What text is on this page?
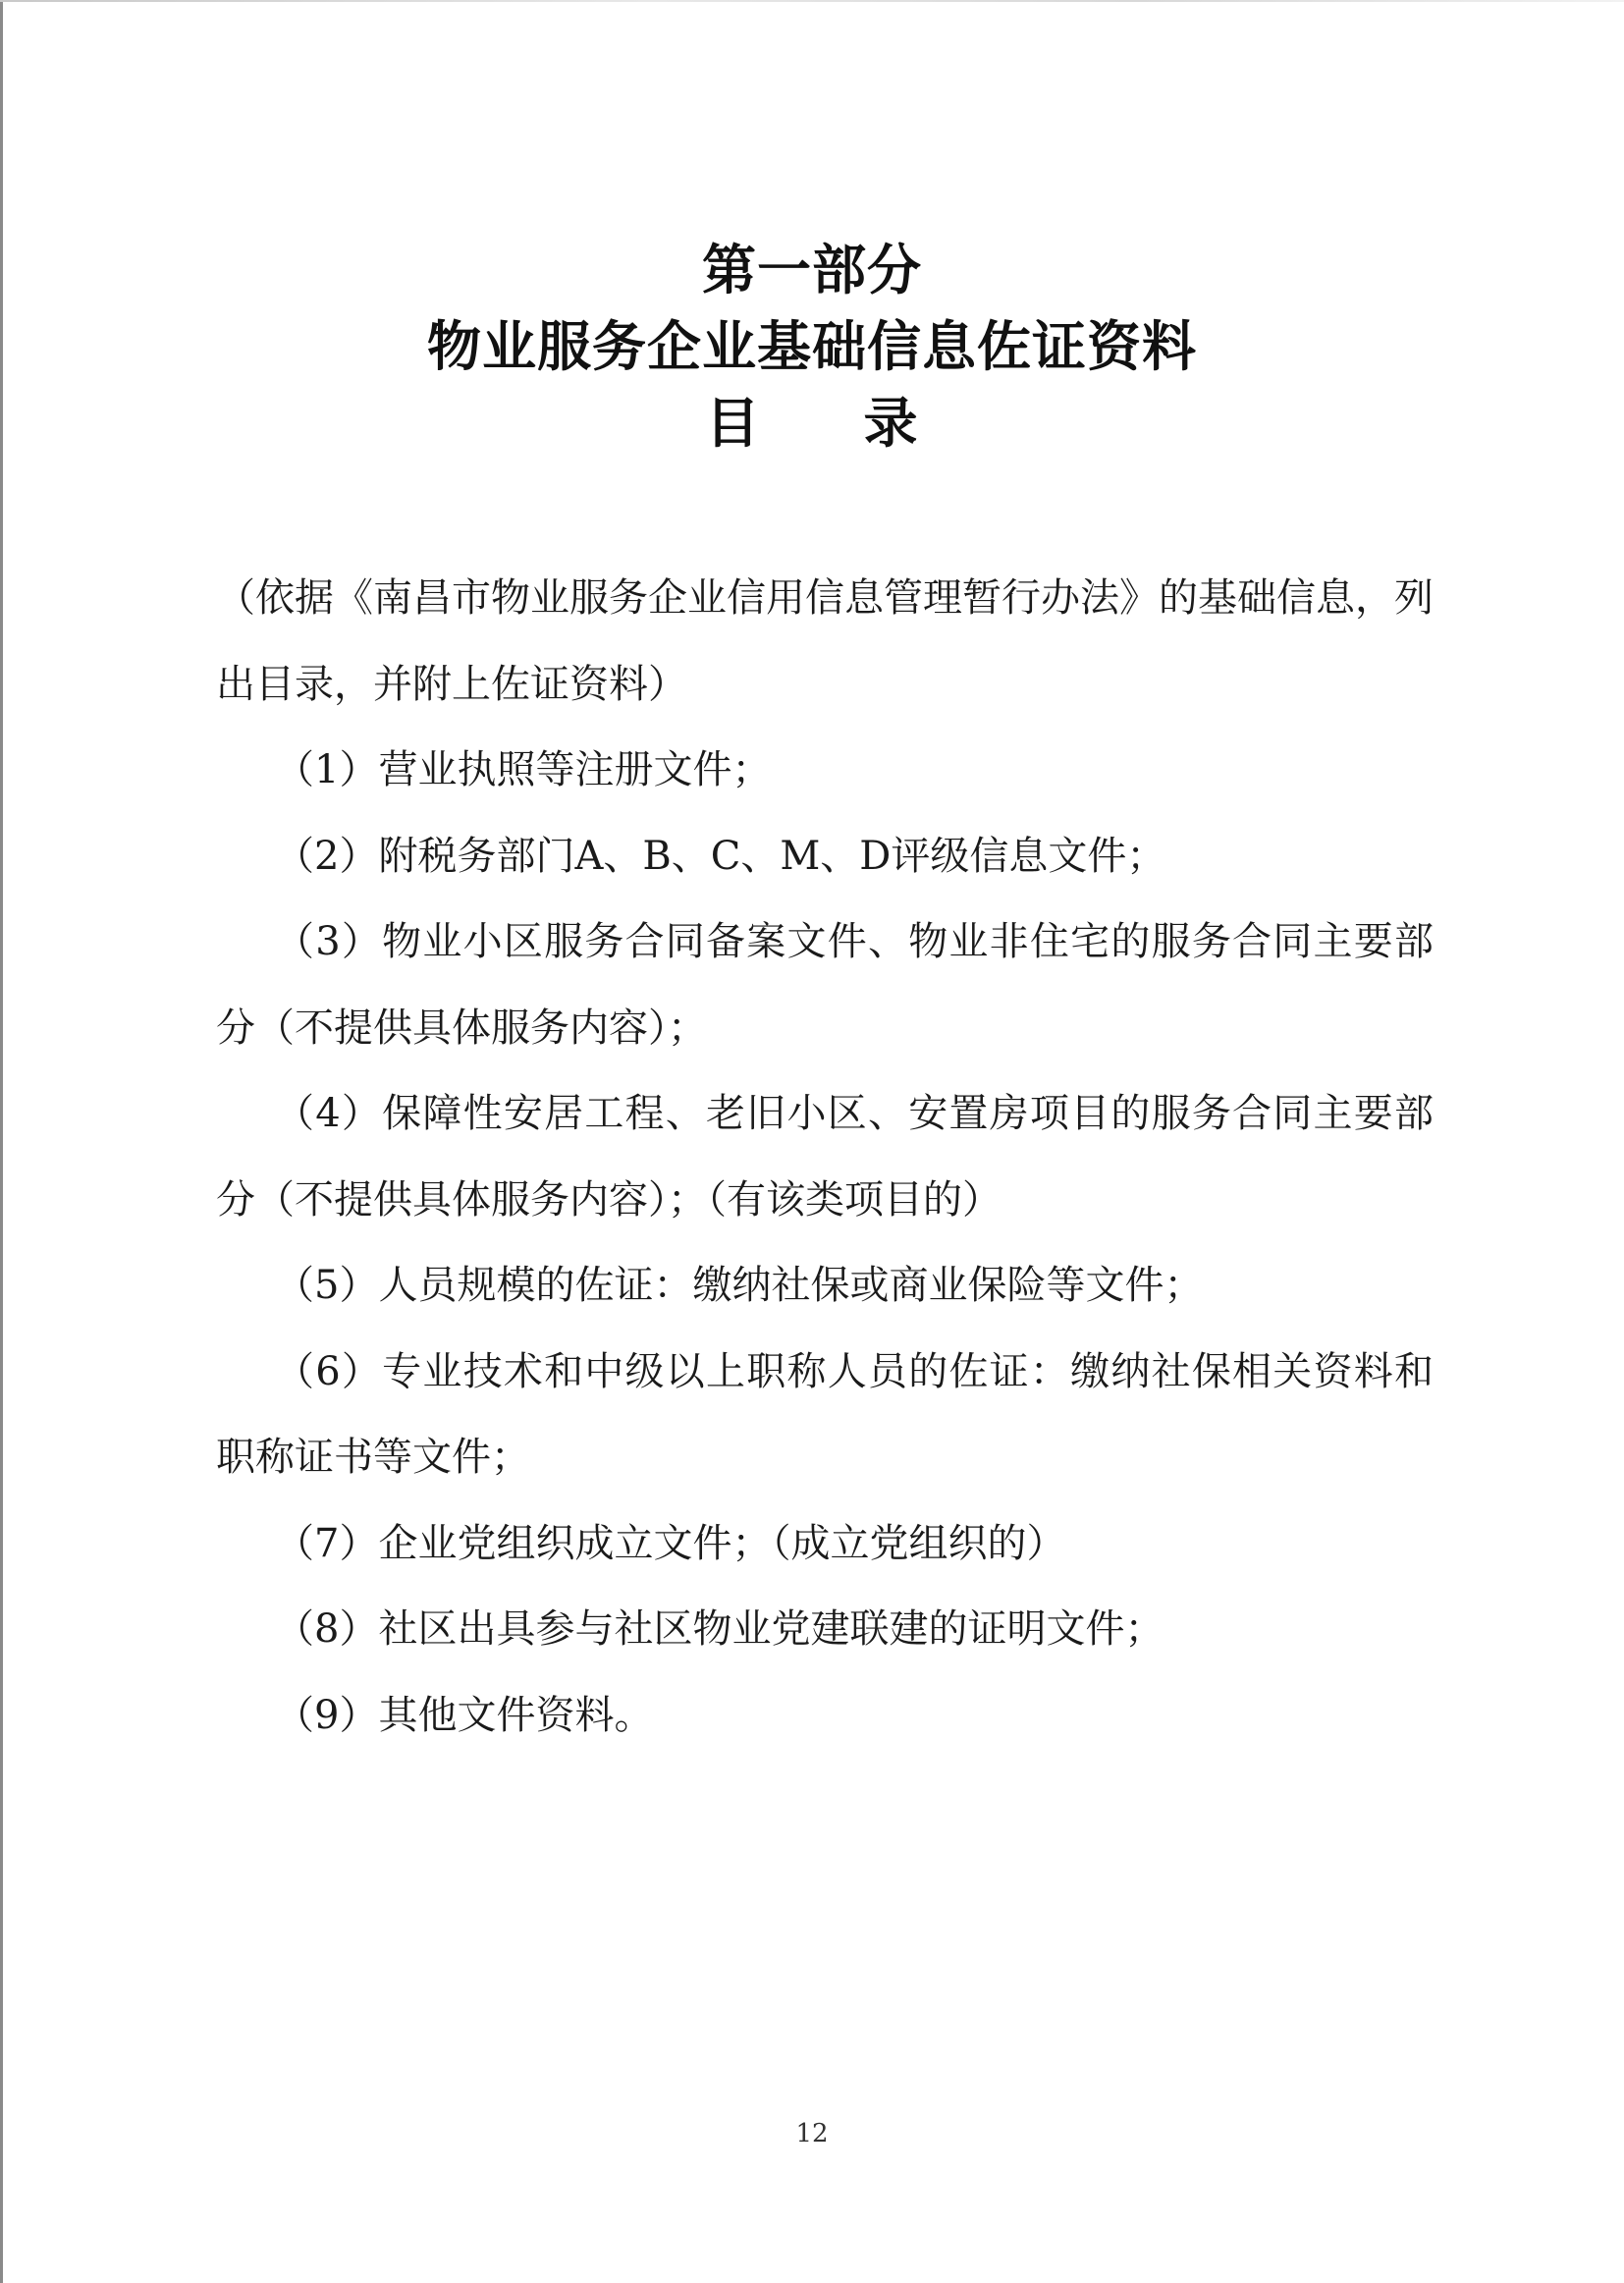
第一部分
物业服务企业基础信息佐证资料
目 录

（依据《南昌市物业服务企业信用信息管理暂行办法》的基础信息，列出目录，并附上佐证资料）

（1）营业执照等注册文件；

（2）附税务部门A、B、C、M、D评级信息文件；

（3）物业小区服务合同备案文件、物业非住宅的服务合同主要部分（不提供具体服务内容）；

（4）保障性安居工程、老旧小区、安置房项目的服务合同主要部分（不提供具体服务内容）；（有该类项目的）

（5）人员规模的佐证：缴纳社保或商业保险等文件；

（6）专业技术和中级以上职称人员的佐证：缴纳社保相关资料和职称证书等文件；

（7）企业党组织成立文件；（成立党组织的）

（8）社区出具参与社区物业党建联建的证明文件；

（9）其他文件资料。

12
